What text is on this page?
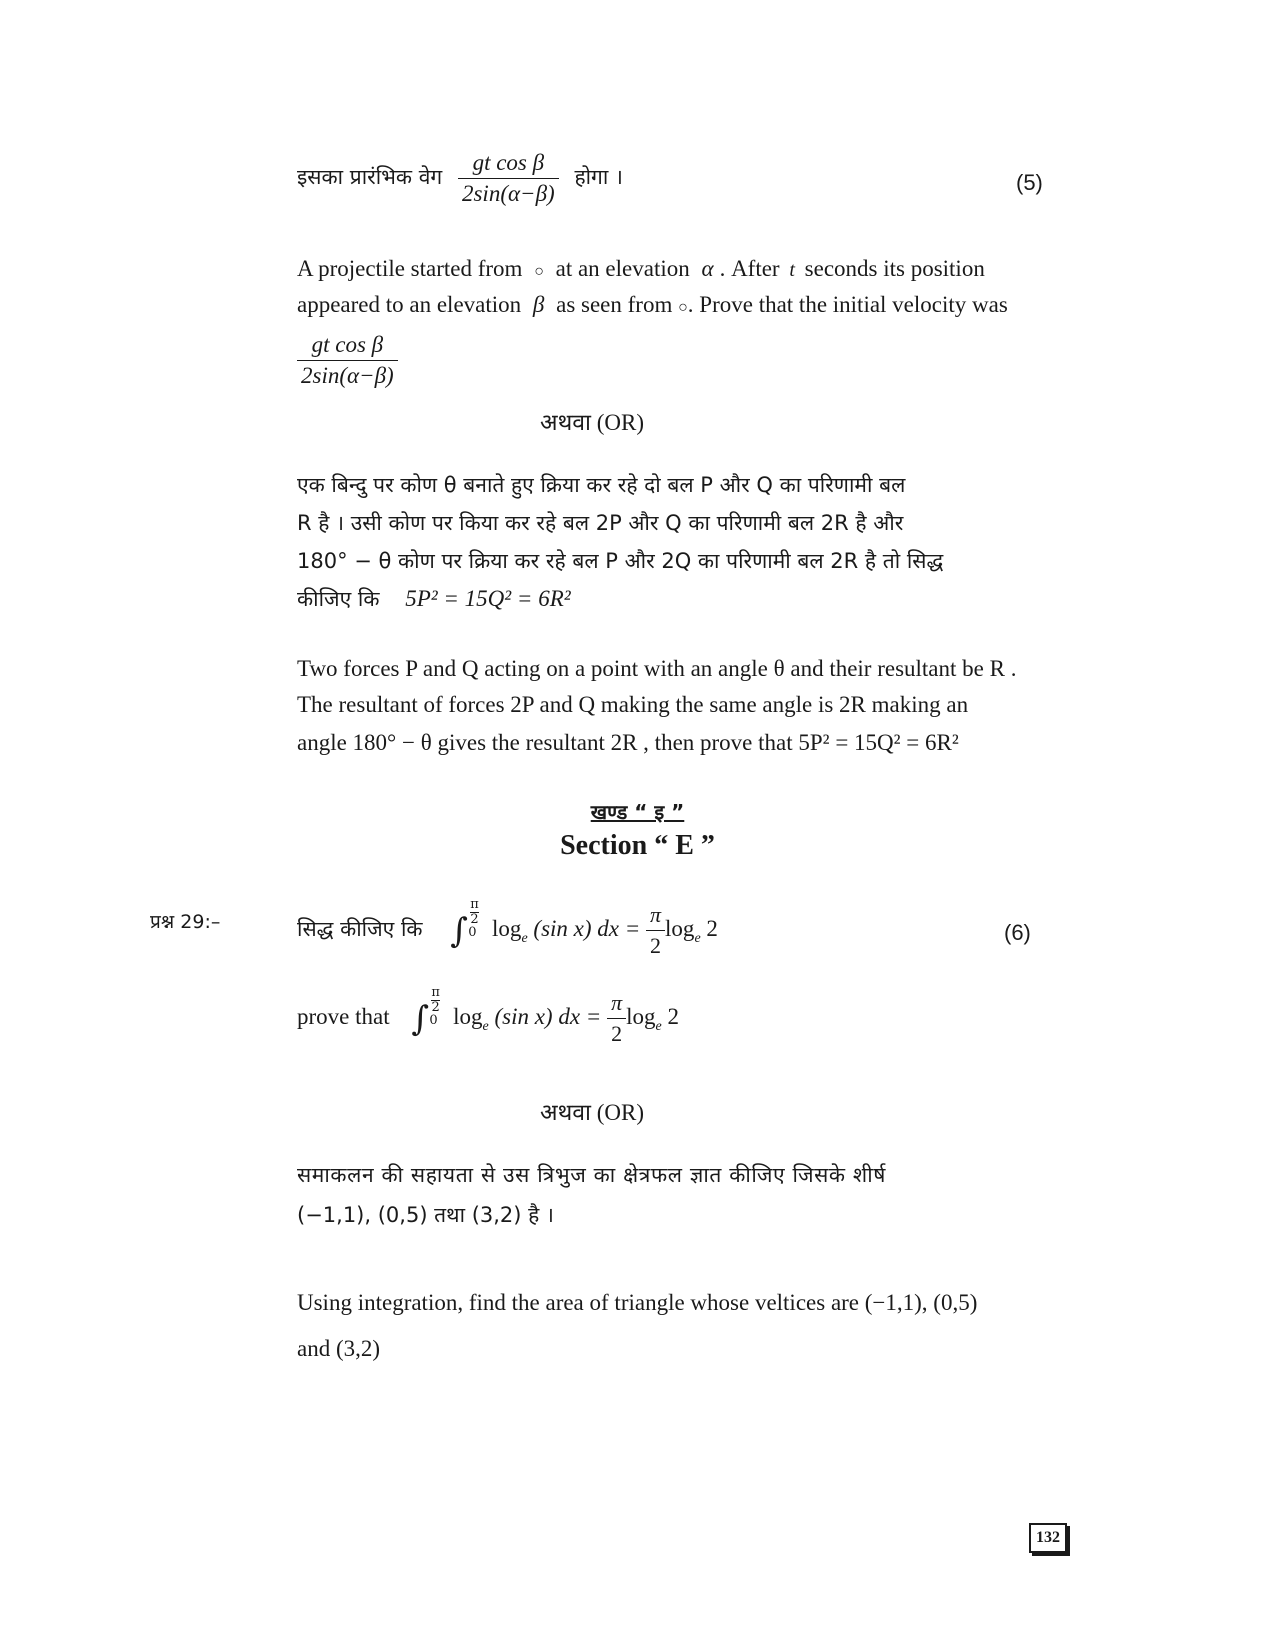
इसका प्रारंभिक वेग $\frac{\text{gt cos β}}{2\sin(\alpha-\beta)}$ होगा ।	(5)
A projectile started from ○ at an elevation α . After t seconds its position
appeared to an elevation β as seen from ○. Prove that the initial velocity was
$\frac{\text{gt cos β}}{2\sin(\alpha-\beta)}$
अथवा (OR)
एक बिन्दु पर कोण θ बनाते हुए क्रिया कर रहे दो बल P और Q का परिणामी बल
R है । उसी कोण पर किया कर रहे बल 2P और Q का परिणामी बल 2R है और
180° − θ कोण पर क्रिया कर रहे बल P और 2Q का परिणामी बल 2R है तो सिद्ध
कीजिए कि 5P² = 15Q² = 6R²
Two forces P and Q acting on a point with an angle θ and their resultant be R .
The resultant of forces 2P and Q making the same angle is 2R making an
angle 180° − θ gives the resultant 2R , then prove that 5P² = 15Q² = 6R²
खण्ड “ इ ”
Section “ E ”
प्रश्न 29:–	सिद्ध कीजिए कि ∫ $\frac{\pi}{2}$
0 $\log_e (\sin$ x) dx = $\frac{\pi}{2} \log_e 2$	(6)
prove that ∫ $\frac{\pi}{2}$
0 $\log_e (\sin$ x) dx = $\frac{\pi}{2} \log_e 2$
अथवा (OR)
समाकलन की सहायता से उस त्रिभुज का क्षेत्रफल ज्ञात कीजिए जिसके शीर्ष
(−1,1), (0,5) तथा (3,2) है ।
Using integration, find the area of triangle whose veltices are (−1,1), (0,5)
and (3,2)
132
